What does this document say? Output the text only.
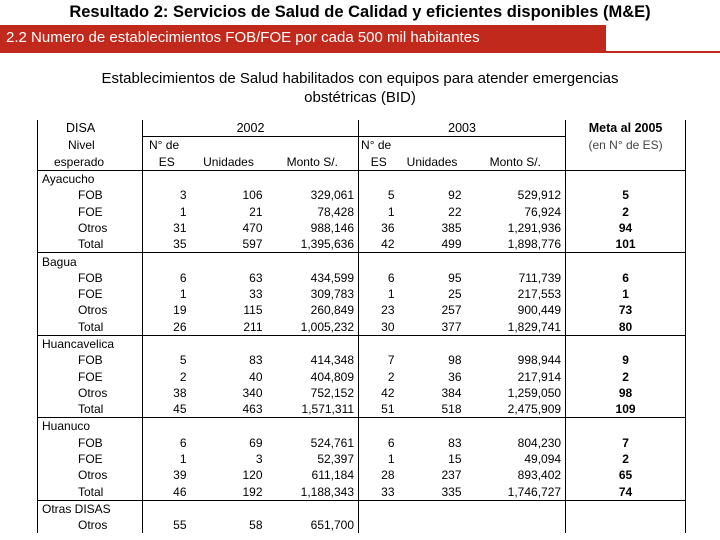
Resultado 2: Servicios de Salud de Calidad y eficientes disponibles (M&E)
2.2 Numero de establecimientos FOB/FOE por cada 500 mil habitantes
Establecimientos de Salud habilitados con equipos para atender emergencias
obstétricas (BID)
DISA	2002			2003			Meta al 2005
Nivel	N° de			N° de			(en N° de ES)
esperado	ES	Unidades	Monto S/.	ES	Unidades	Monto S/.	
Ayacucho							
FOB	3	106	329,061	5	92	529,912	5
FOE	1	21	78,428	1	22	76,924	2
Otros	31	470	988,146	36	385	1,291,936	94
Total	35	597	1,395,636	42	499	1,898,776	101
Bagua							
FOB	6	63	434,599	6	95	711,739	6
FOE	1	33	309,783	1	25	217,553	1
Otros	19	115	260,849	23	257	900,449	73
Total	26	211	1,005,232	30	377	1,829,741	80
Huancavelica							
FOB	5	83	414,348	7	98	998,944	9
FOE	2	40	404,809	2	36	217,914	2
Otros	38	340	752,152	42	384	1,259,050	98
Total	45	463	1,571,311	51	518	2,475,909	109
Huanuco							
FOB	6	69	524,761	6	83	804,230	7
FOE	1	3	52,397	1	15	49,094	2
Otros	39	120	611,184	28	237	893,402	65
Total	46	192	1,188,343	33	335	1,746,727	74
Otras DISAS							
Otros	55	58	651,700				
